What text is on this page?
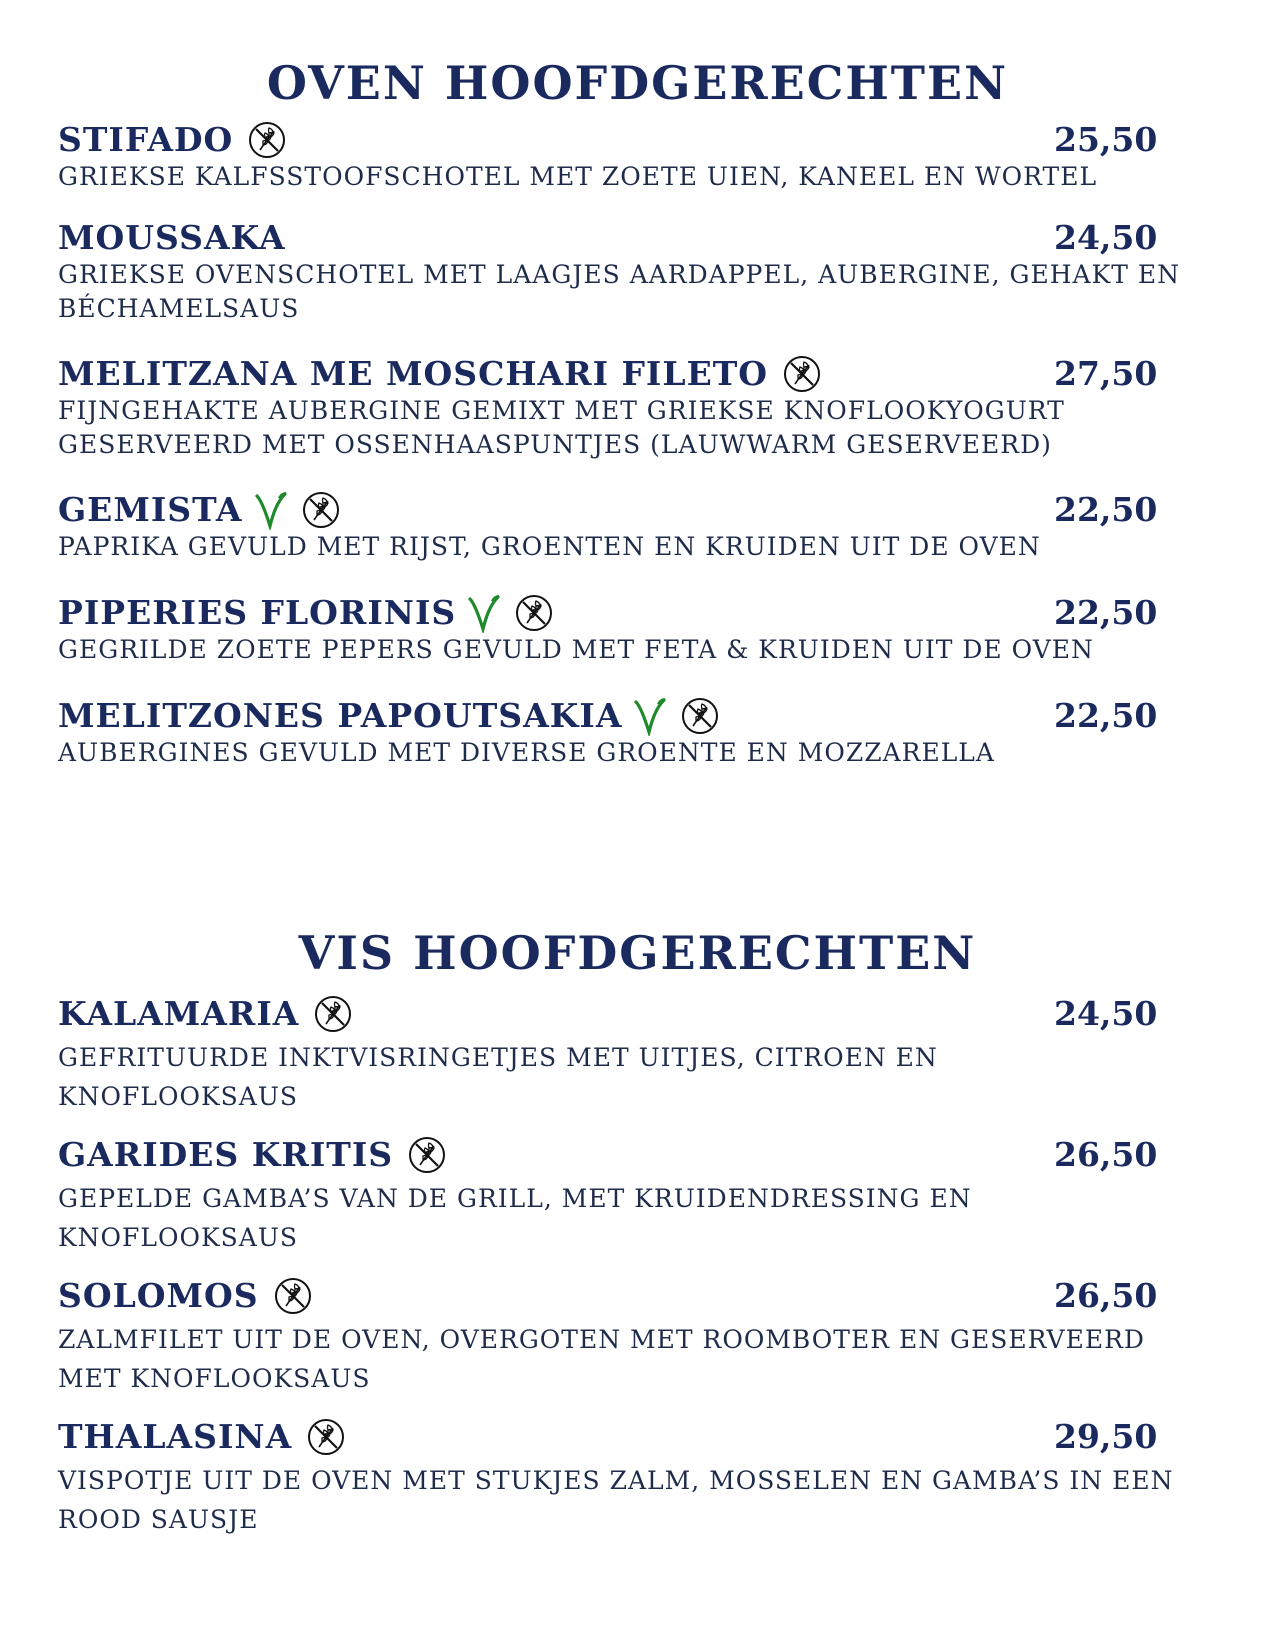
OVEN HOOFDGERECHTEN
STIFADO	25,50

GRIEKSE KALFSSTOOFSCHOTEL MET ZOETE UIEN, KANEEL EN WORTEL

MOUSSAKA	24,50

GRIEKSE OVENSCHOTEL MET LAAGJES AARDAPPEL, AUBERGINE, GEHAKT EN BÉCHAMELSAUS

MELITZANA ME MOSCHARI FILETO	27,50

FIJNGEHAKTE AUBERGINE GEMIXT MET GRIEKSE KNOFLOOKYOGURT GESERVEERD MET OSSENHAASPUNTJES (LAUWWARM GESERVEERD)

GEMISTA	22,50

PAPRIKA GEVULD MET RIJST, GROENTEN EN KRUIDEN UIT DE OVEN

PIPERIES FLORINIS	22,50

GEGRILDE ZOETE PEPERS GEVULD MET FETA & KRUIDEN UIT DE OVEN

MELITZONES PAPOUTSAKIA	22,50

AUBERGINES GEVULD MET DIVERSE GROENTE EN MOZZARELLA

VIS HOOFDGERECHTEN
KALAMARIA	24,50

GEFRITUURDE INKTVISRINGETJES MET UITJES, CITROEN EN KNOFLOOKSAUS

GARIDES KRITIS	26,50

GEPELDE GAMBA’S VAN DE GRILL, MET KRUIDENDRESSING EN KNOFLOOKSAUS

SOLOMOS	26,50

ZALMFILET UIT DE OVEN, OVERGOTEN MET ROOMBOTER EN GESERVEERD MET KNOFLOOKSAUS

THALASINA	29,50

VISPOTJE UIT DE OVEN MET STUKJES ZALM, MOSSELEN EN GAMBA’S IN EEN ROOD SAUSJE
